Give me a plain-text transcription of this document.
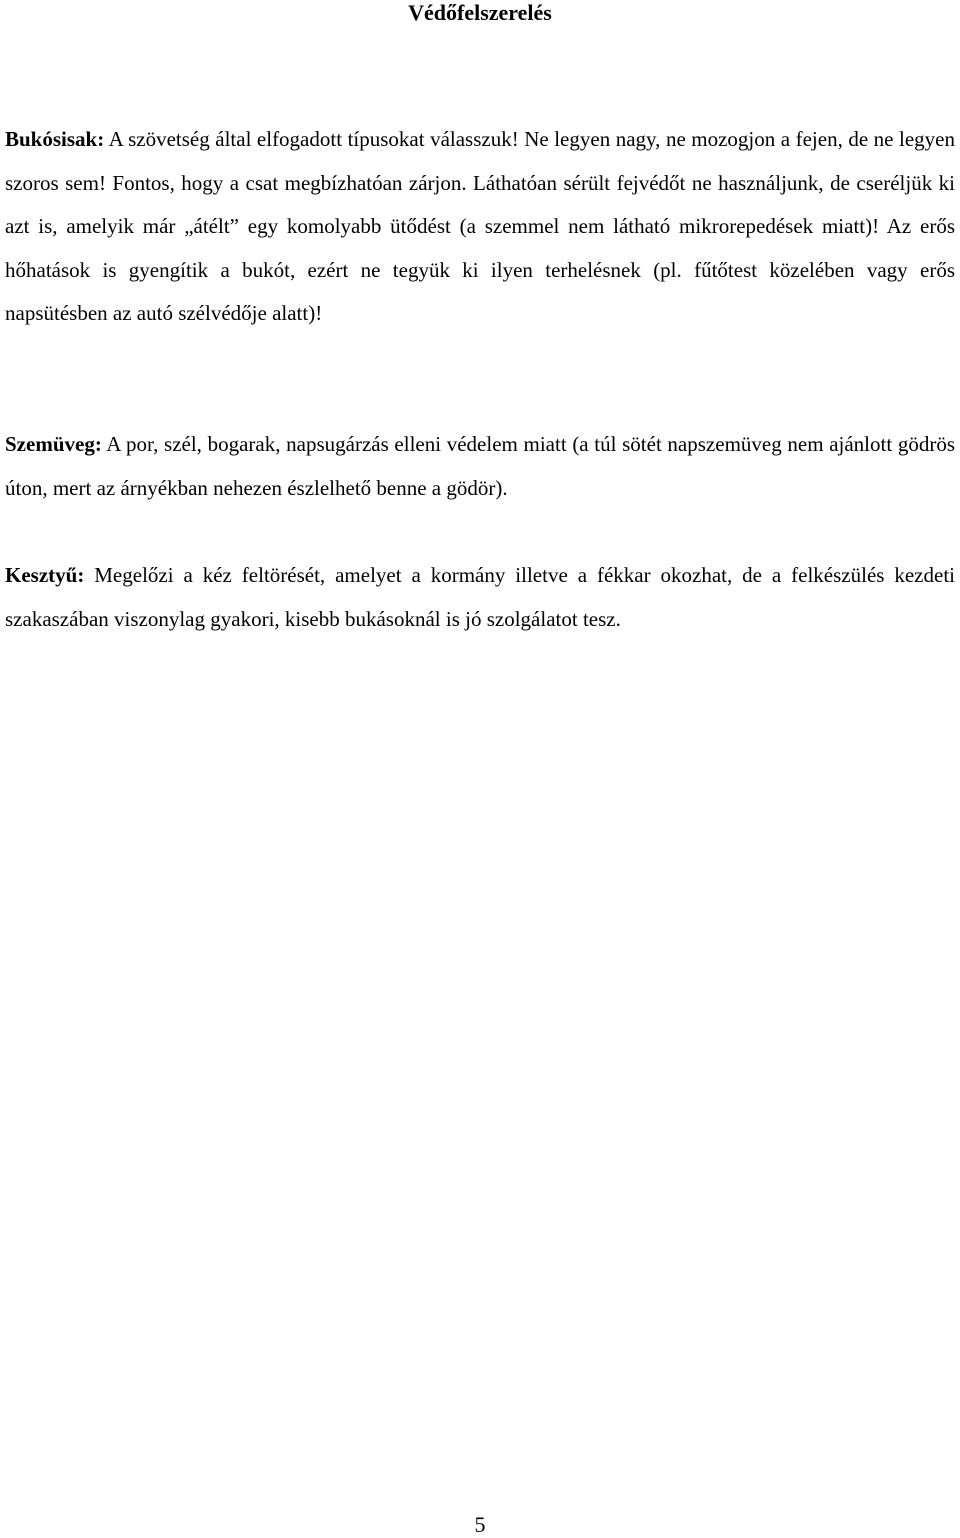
Védőfelszerelés

Bukósisak: A szövetség által elfogadott típusokat válasszuk! Ne legyen nagy, ne mozogjon a fejen, de ne legyen szoros sem! Fontos, hogy a csat megbízhatóan zárjon. Láthatóan sérült fejvédőt ne használjunk, de cseréljük ki azt is, amelyik már „átélt” egy komolyabb ütődést (a szemmel nem látható mikrorepedések miatt)! Az erős hőhatások is gyengítik a bukót, ezért ne tegyük ki ilyen terhelésnek (pl. fűtőtest közelében vagy erős napsütésben az autó szélvédője alatt)!

Szemüveg: A por, szél, bogarak, napsugárzás elleni védelem miatt (a túl sötét napszemüveg nem ajánlott gödrös úton, mert az árnyékban nehezen észlelhető benne a gödör).

Kesztyű: Megelőzi a kéz feltörését, amelyet a kormány illetve a fékkar okozhat, de a felkészülés kezdeti szakaszában viszonylag gyakori, kisebb bukásoknál is jó szolgálatot tesz.

5
